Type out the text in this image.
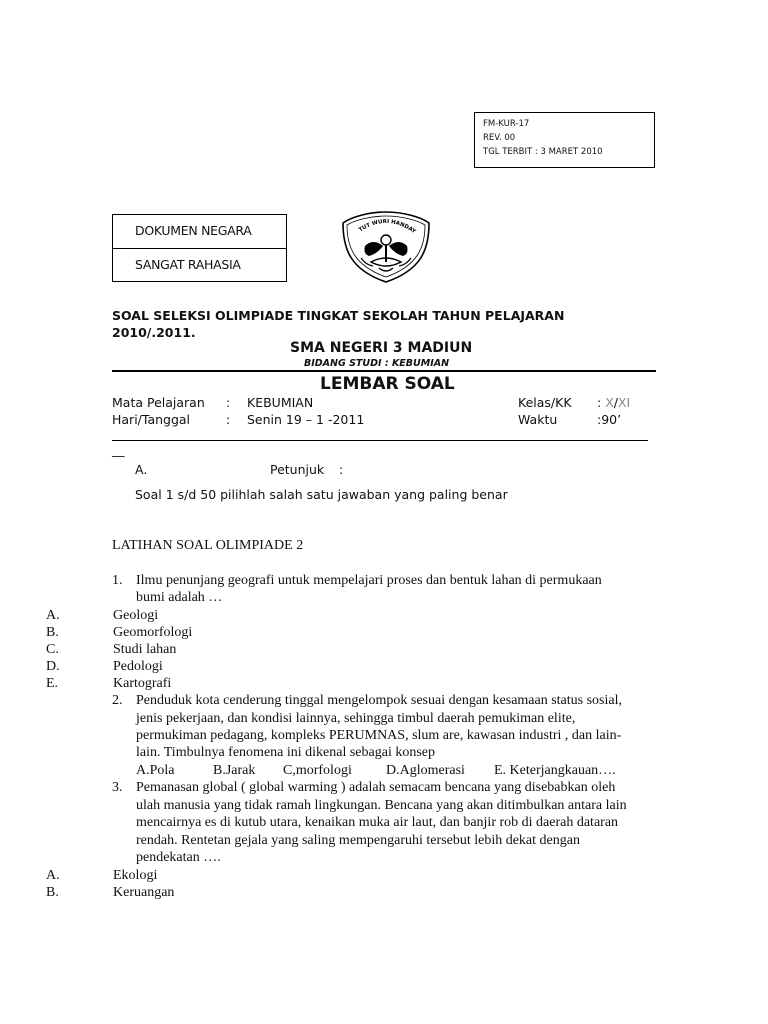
FM-KUR-17
REV. 00
TGL TERBIT : 3 MARET 2010
DOKUMEN NEGARA
SANGAT RAHASIA
TUT WURI HANDAY
SOAL SELEKSI OLIMPIADE TINGKAT SEKOLAH TAHUN PELAJARAN
2010/.2011.
SMA NEGERI 3 MADIUN
BIDANG STUDI : KEBUMIAN
LEMBAR SOAL
Mata Pelajaran : KEBUMIAN	Kelas/KK : X/XI
Hari/Tanggal	: Senin 19 – 1 -2011	Waktu	:90’
__
A.	Petunjuk :
Soal 1 s/d 50 pilihlah salah satu jawaban yang paling benar
LATIHAN SOAL OLIMPIADE 2
1. Ilmu penunjang geografi untuk mempelajari proses dan bentuk lahan di permukaan
bumi adalah …
A.	Geologi
B.	Geomorfologi
C.	Studi lahan
D.	Pedologi
E.	Kartografi
2. Penduduk kota cenderung tinggal mengelompok sesuai dengan kesamaan status sosial,
jenis pekerjaan, dan kondisi lainnya, sehingga timbul daerah pemukiman elite,
permukiman pedagang, kompleks PERUMNAS, slum are, kawasan industri , dan lain-
lain. Timbulnya fenomena ini dikenal sebagai konsep
A.Pola	B.Jarak C,morfologi D.Aglomerasi E. Keterjangkauan….
3. Pemanasan global ( global warming ) adalah semacam bencana yang disebabkan oleh
ulah manusia yang tidak ramah lingkungan. Bencana yang akan ditimbulkan antara lain
mencairnya es di kutub utara, kenaikan muka air laut, dan banjir rob di daerah dataran
rendah. Rentetan gejala yang saling mempengaruhi tersebut lebih dekat dengan
pendekatan ….
A.	Ekologi
B.	Keruangan
